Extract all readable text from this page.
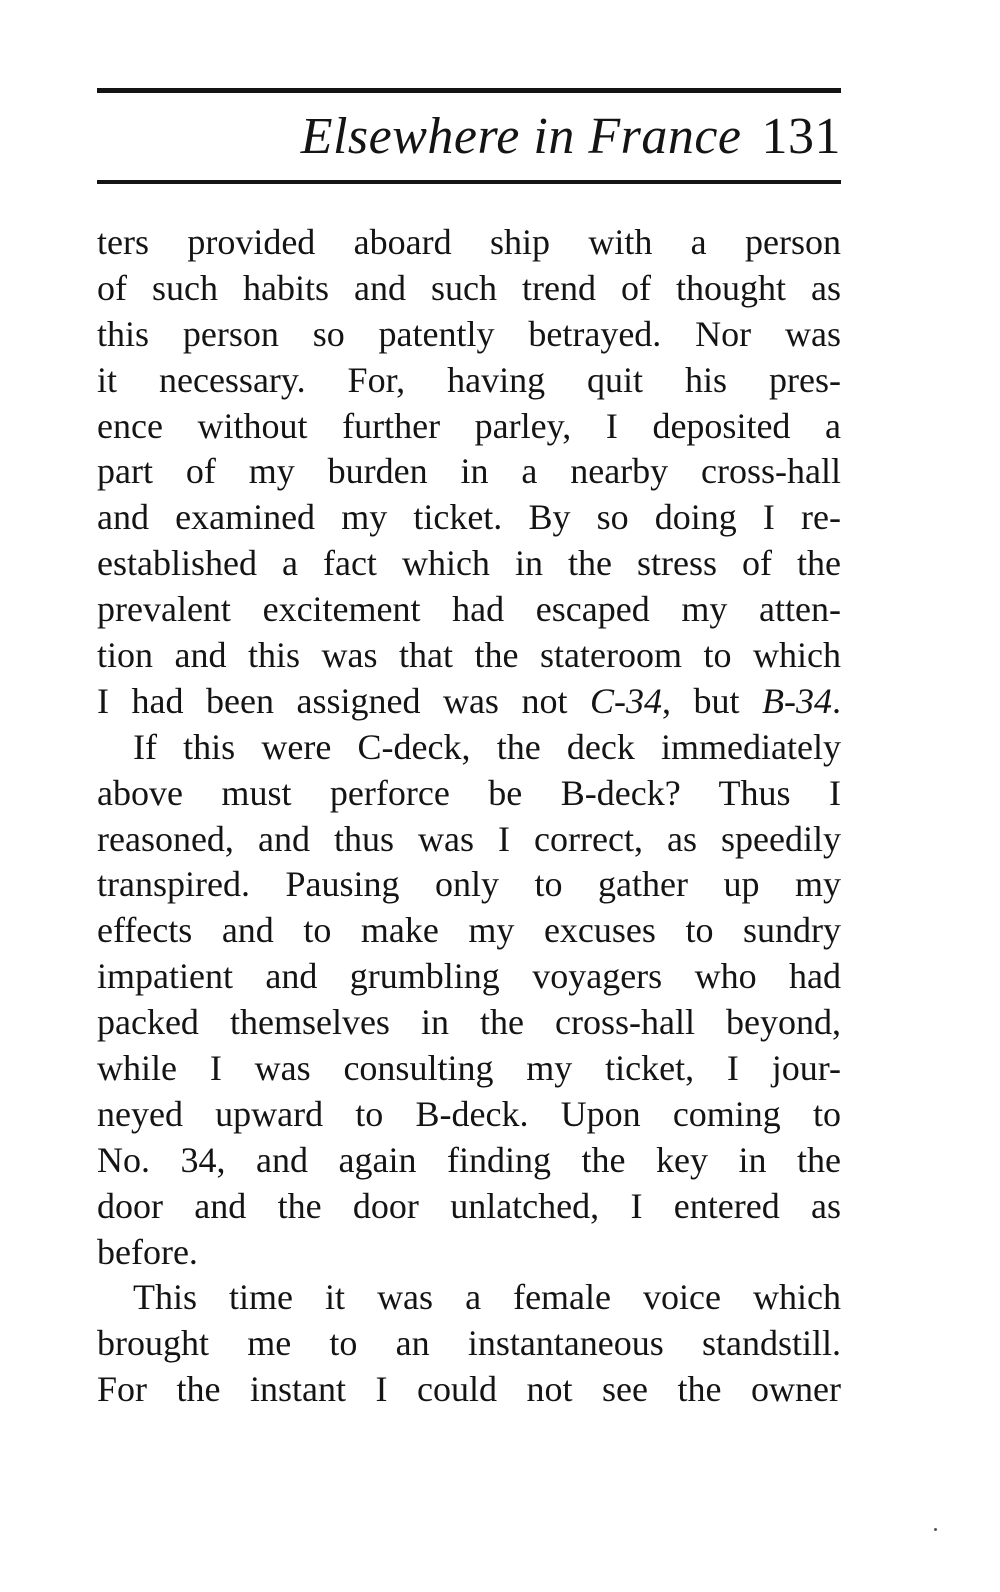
Elsewhere in France 131
ters provided aboard ship with a person
of such habits and such trend of thought as
this person so patently betrayed. Nor was
it necessary. For, having quit his pres-
ence without further parley, I deposited a
part of my burden in a nearby cross-hall
and examined my ticket. By so doing I re-
established a fact which in the stress of the
prevalent excitement had escaped my atten-
tion and this was that the stateroom to which
I had been assigned was not C-34, but B-34.
If this were C-deck, the deck immediately
above must perforce be B-deck? Thus I
reasoned, and thus was I correct, as speedily
transpired. Pausing only to gather up my
effects and to make my excuses to sundry
impatient and grumbling voyagers who had
packed themselves in the cross-hall beyond,
while I was consulting my ticket, I jour-
neyed upward to B-deck. Upon coming to
No. 34, and again finding the key in the
door and the door unlatched, I entered as
before.
This time it was a female voice which
brought me to an instantaneous standstill.
For the instant I could not see the owner
